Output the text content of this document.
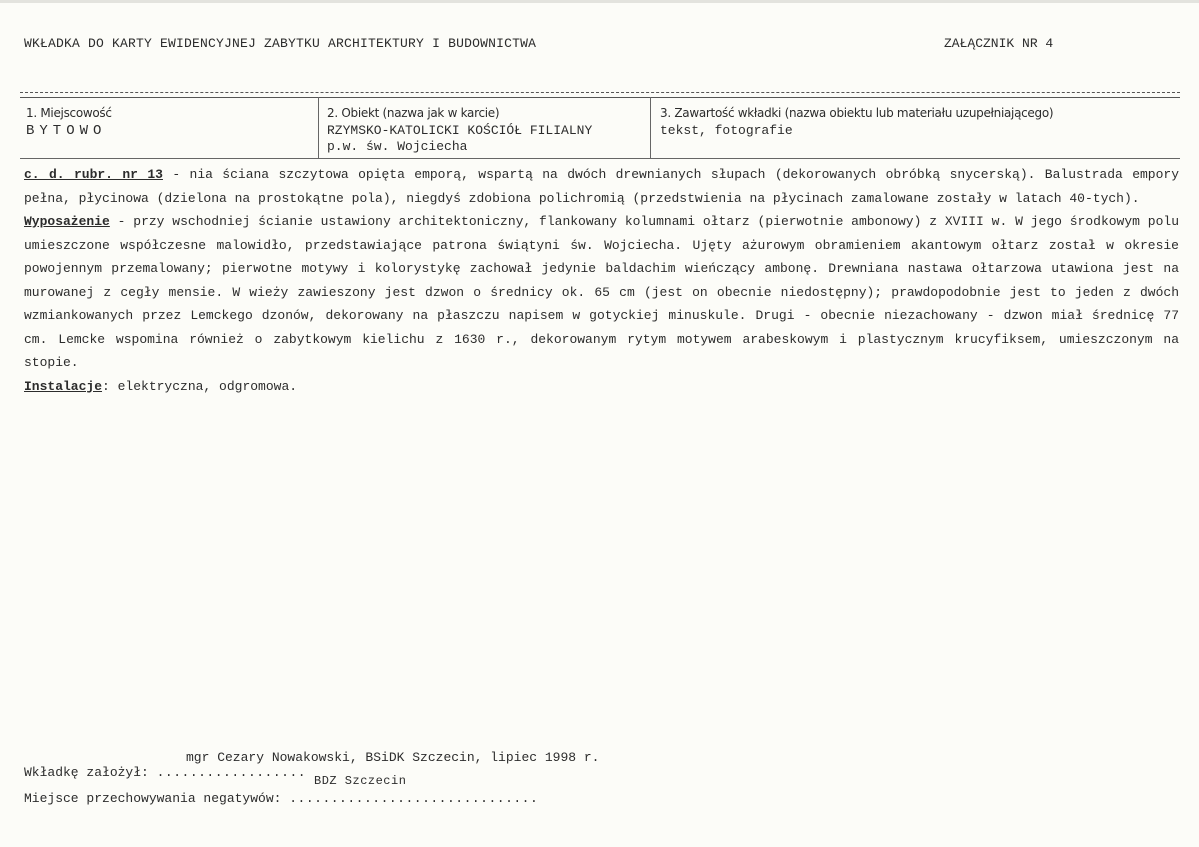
WKŁADKA DO KARTY EWIDENCYJNEJ ZABYTKU ARCHITEKTURY I BUDOWNICTWA	ZAŁĄCZNIK NR 4
1. Miejscowość
BYTOWO
2. Obiekt (nazwa jak w karcie)
RZYMSKO-KATOLICKI KOŚCIÓŁ FILIALNY
p.w. św. Wojciecha
3. Zawartość wkładki (nazwa obiektu lub materiału uzupełniającego)
tekst, fotografie

c. d. rubr. nr 13 - nia ściana szczytowa opięta emporą, wspartą na dwóch drewnianych słupach (dekorowanych obróbką snycerską). Balustrada empory pełna, płycinowa (dzielona na prostokątne pola), niegdyś zdobiona polichromią (przedstwienia na płycinach zamalowane zostały w latach 40-tych).

Wyposażenie - przy wschodniej ścianie ustawiony architektoniczny, flankowany kolumnami ołtarz (pierwotnie ambonowy) z XVIII w. W jego środkowym polu umieszczone współczesne malowidło, przedstawiające patrona świątyni św. Wojciecha. Ujęty ażurowym obramieniem akantowym ołtarz został w okresie powojennym przemalowany; pierwotne motywy i kolorystykę zachował jedynie baldachim wieńczący ambonę. Drewniana nastawa ołtarzowa utawiona jest na murowanej z cegły mensie. W wieży zawieszony jest dzwon o średnicy ok. 65 cm (jest on obecnie niedostępny); prawdopodobnie jest to jeden z dwóch wzmiankowanych przez Lemckego dzonów, dekorowany na płaszczu napisem w gotyckiej minuskule. Drugi - obecnie niezachowany - dzwon miał średnicę 77 cm. Lemcke wspomina również o zabytkowym kielichu z 1630 r., dekorowanym rytym motywem arabeskowym i plastycznym krucyfiksem, umieszczonym na stopie.

Instalacje: elektryczna, odgromowa.

Wkładkę założył: ..................
mgr Cezary Nowakowski, BSiDK Szczecin, lipiec 1998 r.
BDZ Szczecin
Miejsce przechowywania negatywów: ..............................
